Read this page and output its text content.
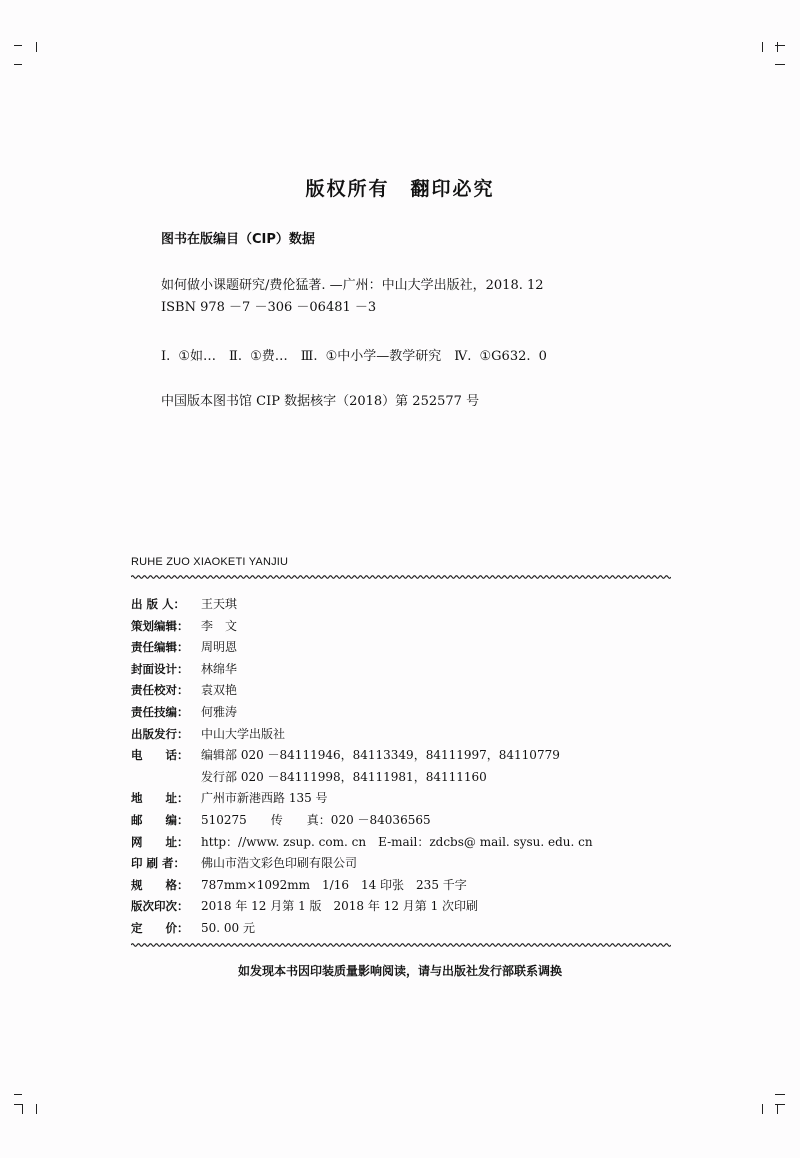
版权所有　翻印必究
图书在版编目（CIP）数据
如何做小课题研究/费伦猛著. —广州：中山大学出版社，2018. 12
ISBN 978 －7 －306 －06481 －3
Ⅰ. ①如…　Ⅱ. ①费…　Ⅲ. ①中小学—教学研究　Ⅳ. ①G632. 0
中国版本图书馆 CIP 数据核字（2018）第 252577 号
RUHE ZUO XIAOKETI YANJIU
出 版 人：	王天琪
策划编辑：	李　文
责任编辑：	周明恩
封面设计：	林绵华
责任校对：	袁双艳
责任技编：	何雅涛
出版发行：	中山大学出版社
电　　话：	编辑部 020 －84111946，84113349，84111997，84110779
发行部 020 －84111998，84111981，84111160
地　　址：	广州市新港西路 135 号
邮　　编：	510275　　传　　真：020 －84036565
网　　址：	http：//www. zsup. com. cn　E-mail：zdcbs@ mail. sysu. edu. cn
印 刷 者：	佛山市浩文彩色印刷有限公司
规　　格：	787mm×1092mm　1/16　14 印张　235 千字
版次印次：	2018 年 12 月第 1 版　2018 年 12 月第 1 次印刷
定　　价：	50. 00 元
如发现本书因印装质量影响阅读，请与出版社发行部联系调换
